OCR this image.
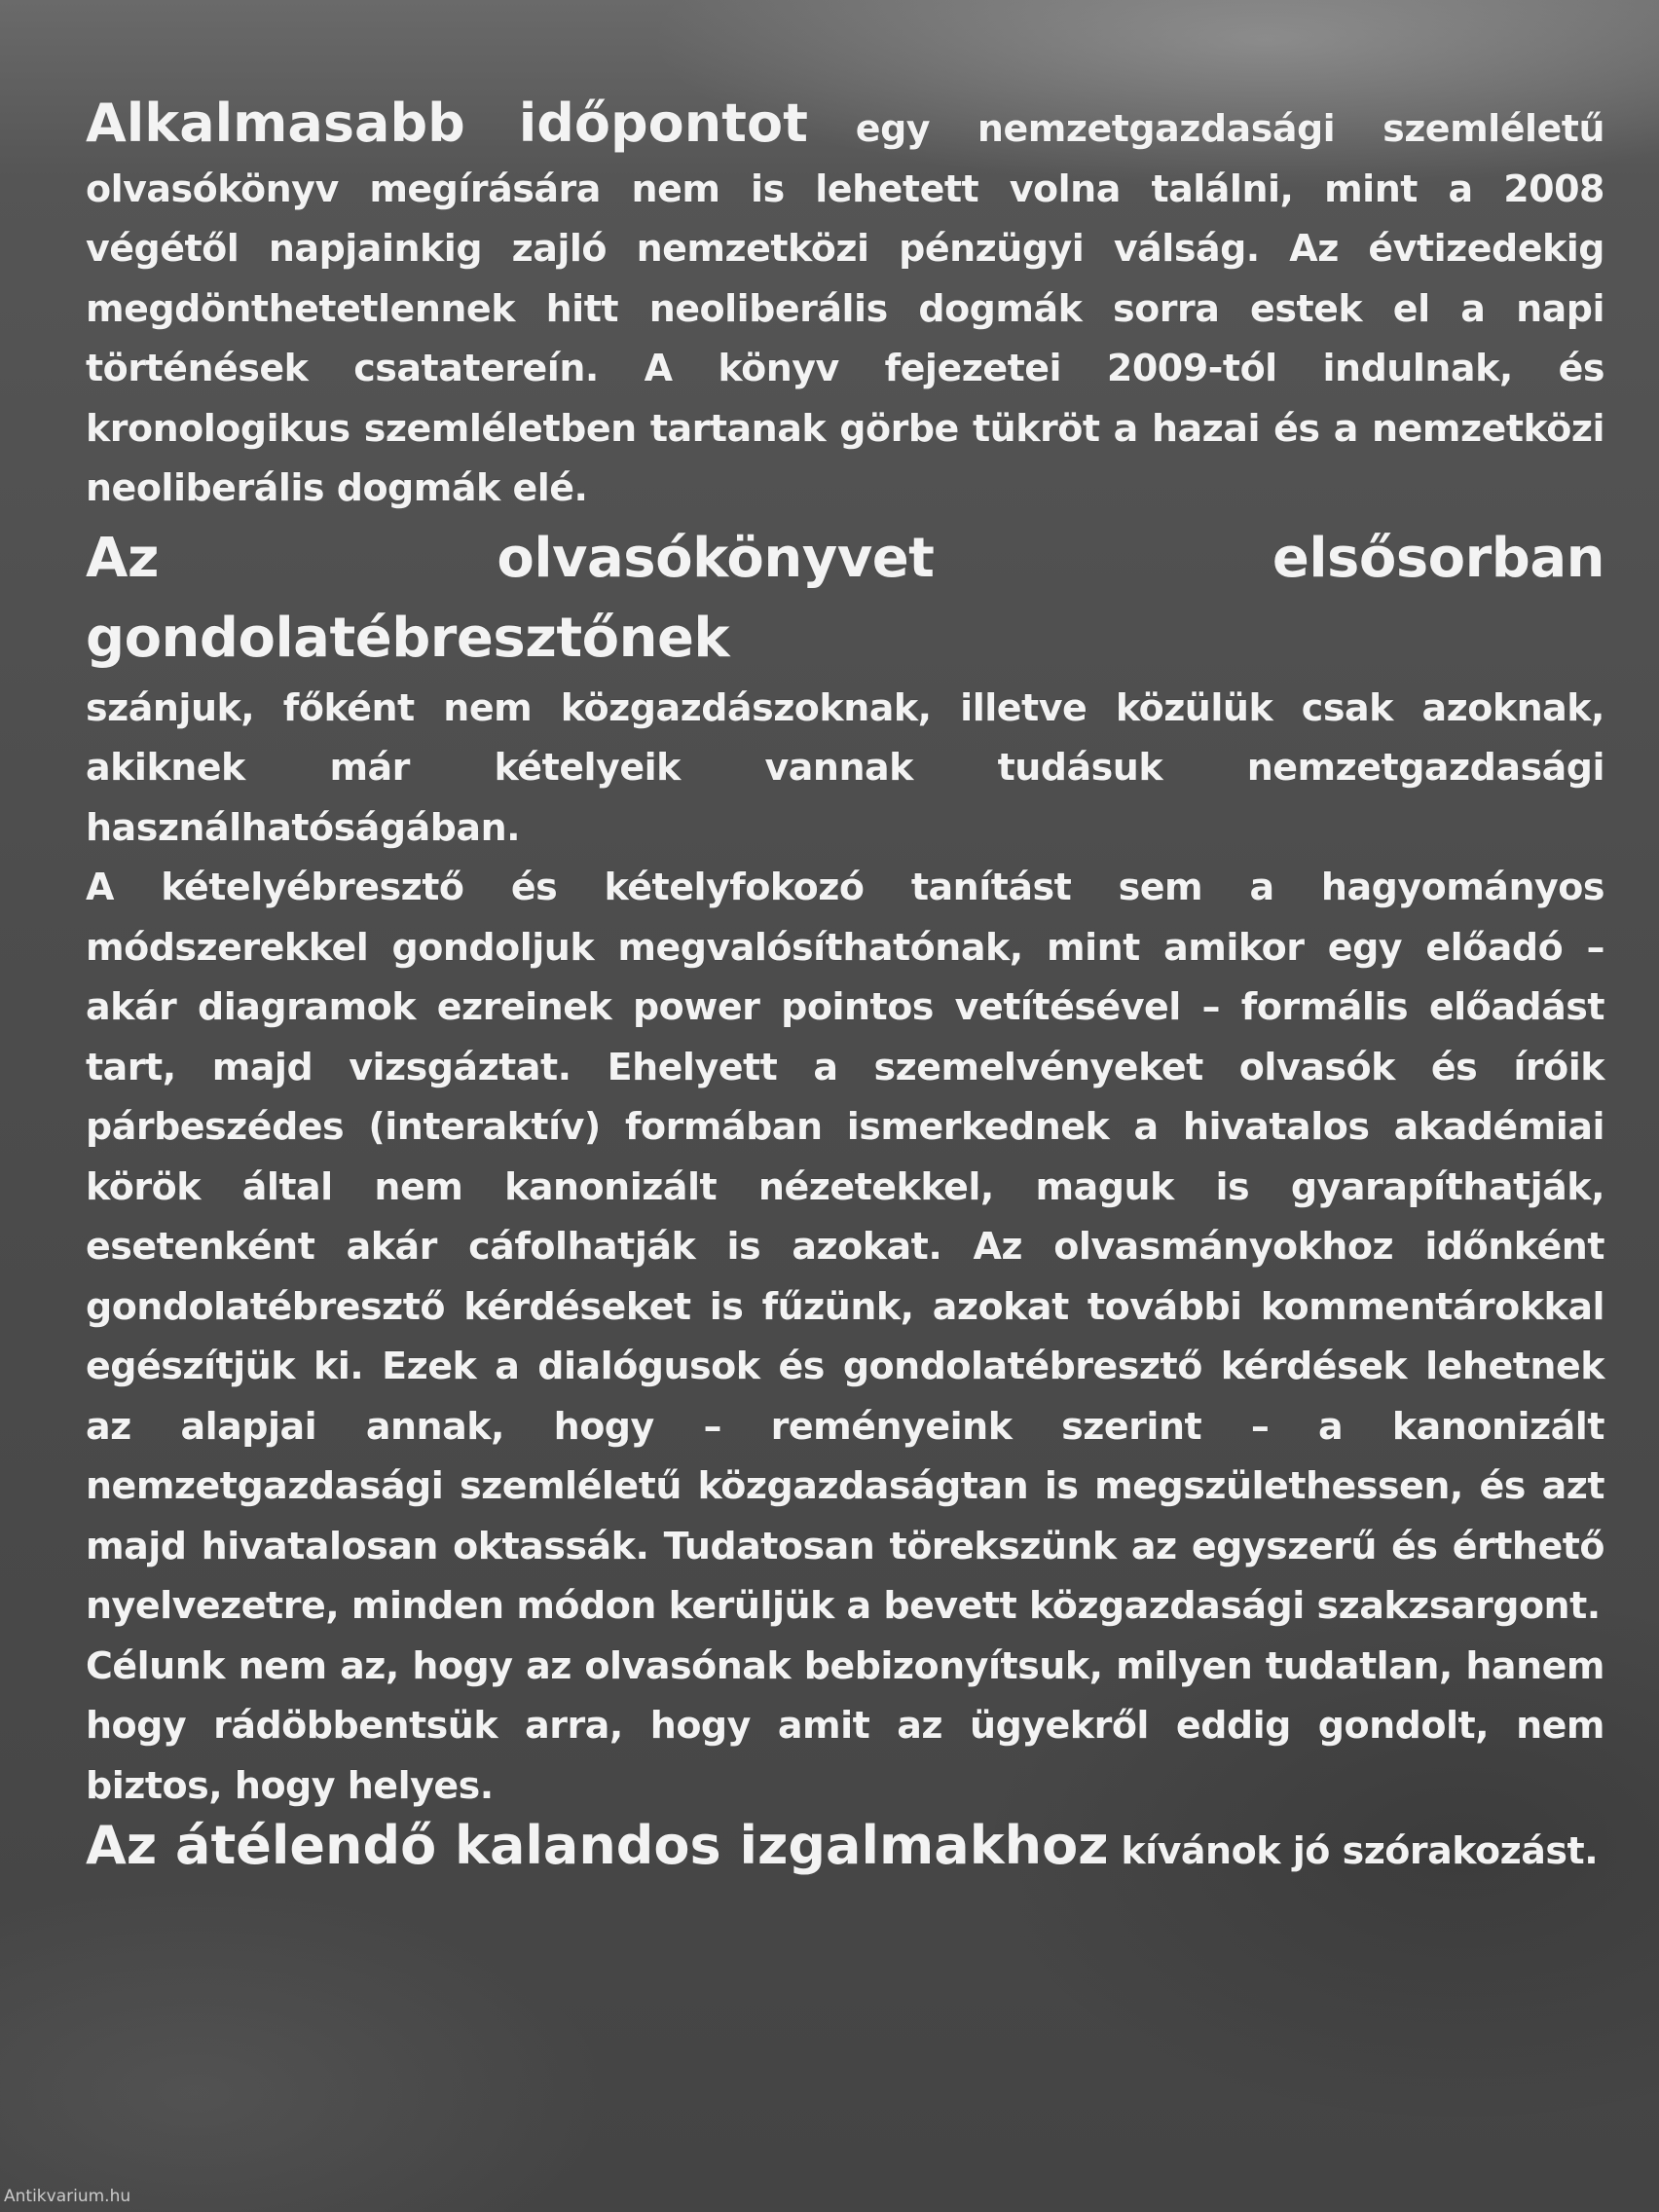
Alkalmasabb időpontot egy nemzetgazdasági szemléletű olvasókönyv megírására nem is lehetett volna találni, mint a 2008 végétől napjainkig zajló nemzetközi pénzügyi válság. Az évtizedekig megdönthetetlennek hitt neoliberális dogmák sorra estek el a napi történések csatatereín. A könyv fejezetei 2009-tól indulnak, és kronologikus szemléletben tartanak görbe tükröt a hazai és a nemzetközi neoliberális dogmák elé.

Az olvasókönyvet elsősorban gondolatébresztőnek
szánjuk, főként nem közgazdászoknak, illetve közülük csak azoknak, akiknek már kételyeik vannak tudásuk nemzetgazdasági használhatóságában.

A kételyébresztő és kételyfokozó tanítást sem a hagyományos módszerekkel gondoljuk megvalósíthatónak, mint amikor egy előadó – akár diagramok ezreinek power pointos vetítésével – formális előadást tart, majd vizsgáztat. Ehelyett a szemelvényeket olvasók és íróik párbeszédes (interaktív) formában ismerkednek a hivatalos akadémiai körök által nem kanonizált nézetekkel, maguk is gyarapíthatják, esetenként akár cáfolhatják is azokat. Az olvasmányokhoz időnként gondolatébresztő kérdéseket is fűzünk, azokat további kommentárokkal egészítjük ki. Ezek a dialógusok és gondolatébresztő kérdések lehetnek az alapjai annak, hogy – reményeink szerint – a kanonizált nemzetgazdasági szemléletű közgazdaságtan is megszülethessen, és azt majd hivatalosan oktassák. Tudatosan törekszünk az egyszerű és érthető nyelvezetre, minden módon kerüljük a bevett közgazdasági szakzsargont.

Célunk nem az, hogy az olvasónak bebizonyítsuk, milyen tudatlan, hanem hogy rádöbbentsük arra, hogy amit az ügyekről eddig gondolt, nem biztos, hogy helyes.

Az átélendő kalandos izgalmakhoz kívánok jó szórakozást.

Antikvarium.hu
